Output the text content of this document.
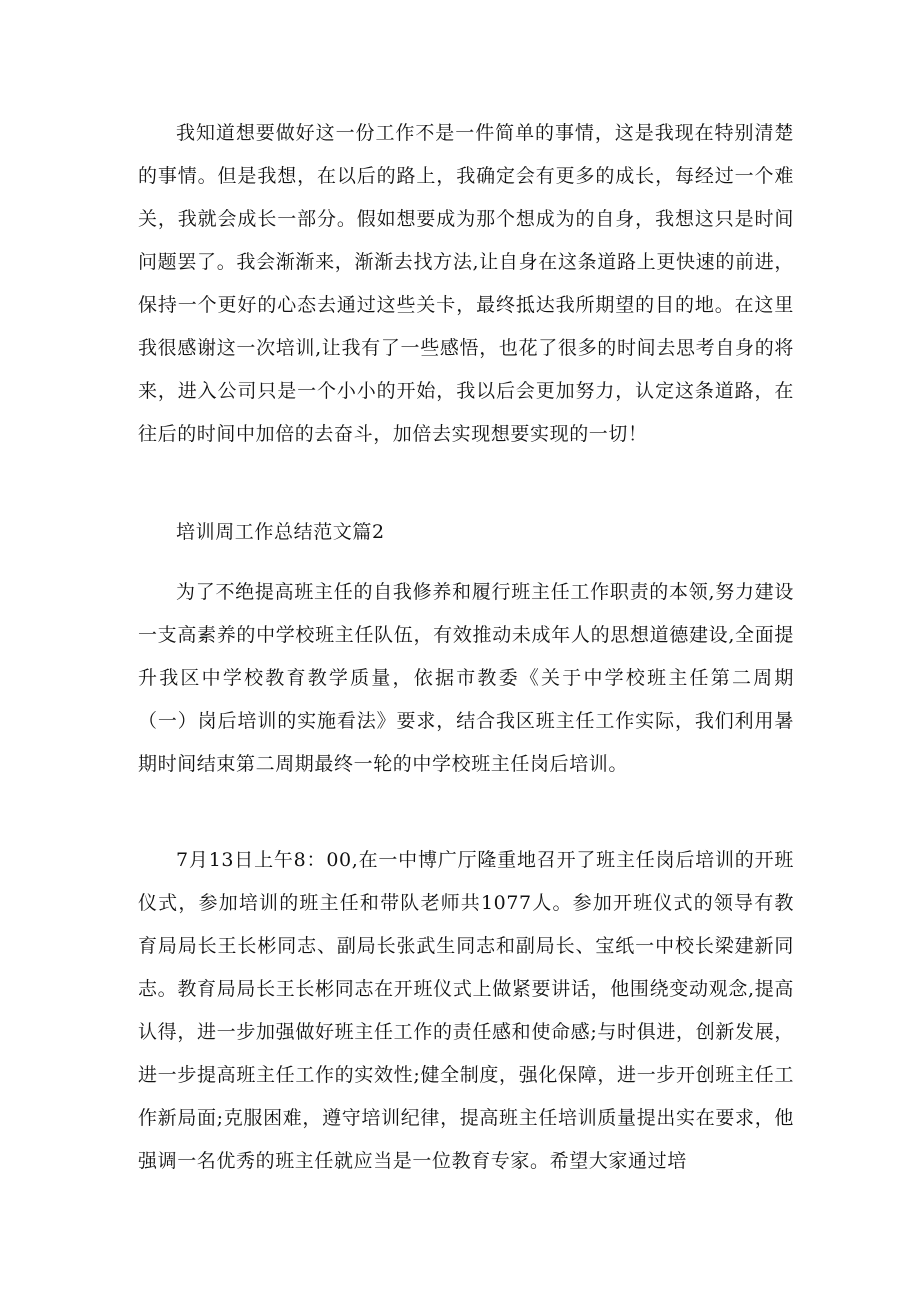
我知道想要做好这一份工作不是一件简单的事情，这是我现在特别清楚的事情。但是我想，在以后的路上，我确定会有更多的成长，每经过一个难关，我就会成长一部分。假如想要成为那个想成为的自身，我想这只是时间问题罢了。我会渐渐来，渐渐去找方法,让自身在这条道路上更快速的前进，保持一个更好的心态去通过这些关卡，最终抵达我所期望的目的地。在这里我很感谢这一次培训,让我有了一些感悟，也花了很多的时间去思考自身的将来，进入公司只是一个小小的开始，我以后会更加努力，认定这条道路，在往后的时间中加倍的去奋斗，加倍去实现想要实现的一切！

培训周工作总结范文篇2

为了不绝提高班主任的自我修养和履行班主任工作职责的本领,努力建设一支高素养的中学校班主任队伍，有效推动未成年人的思想道德建设,全面提升我区中学校教育教学质量，依据市教委《关于中学校班主任第二周期（一）岗后培训的实施看法》要求，结合我区班主任工作实际，我们利用暑期时间结束第二周期最终一轮的中学校班主任岗后培训。

7月13日上午8：00,在一中博广厅隆重地召开了班主任岗后培训的开班仪式，参加培训的班主任和带队老师共1077人。参加开班仪式的领导有教育局局长王长彬同志、副局长张武生同志和副局长、宝纸一中校长梁建新同志。教育局局长王长彬同志在开班仪式上做紧要讲话，他围绕变动观念,提高认得，进一步加强做好班主任工作的责任感和使命感;与时俱进，创新发展，进一步提高班主任工作的实效性;健全制度，强化保障，进一步开创班主任工作新局面;克服困难，遵守培训纪律，提高班主任培训质量提出实在要求，他强调一名优秀的班主任就应当是一位教育专家。希望大家通过培
